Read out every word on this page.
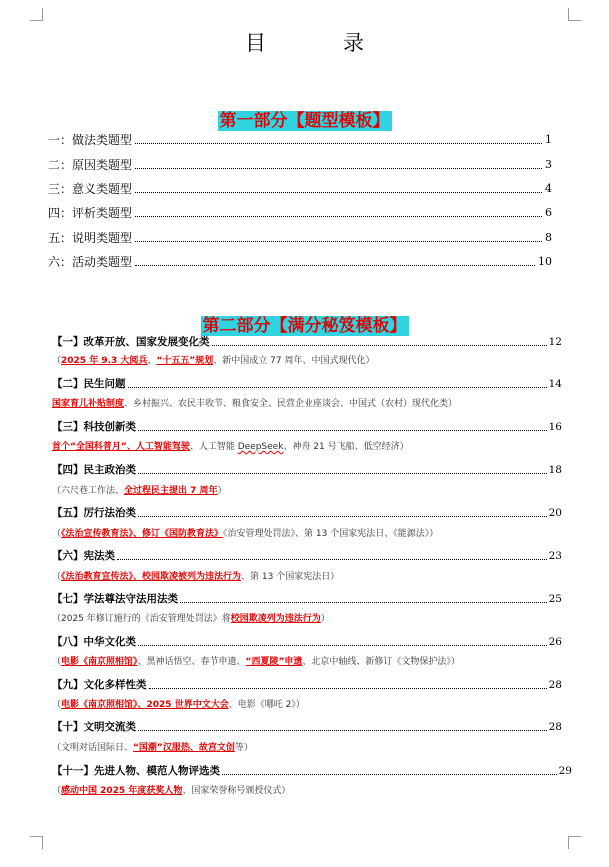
目　录
第一部分【题型模板】
一：做法类题型	1
二：原因类题型	3
三：意义类题型	4
四：评析类题型	6
五：说明类题型	8
六：活动类题型	10
第二部分【满分秘笈模板】
【一】改革开放、国家发展变化类	12
（2025 年 9.3 大阅兵、“十五五”规划、新中国成立 77 周年、中国式现代化）
【二】民生问题	14
国家育儿补贴制度、乡村振兴、农民丰收节、粮食安全、民营企业座谈会、中国式（农村）现代化类）
【三】科技创新类	16
首个“全国科普月”、人工智能驾驶、人工智能 DeepSeek、神舟 21 号飞船、低空经济）
【四】民主政治类	18
（六尺巷工作法、全过程民主提出 7 周年）
【五】厉行法治类	20
（《法治宣传教育法》、修订《国防教育法》《治安管理处罚法》、第 13 个国家宪法日、《能源法》）
【六】宪法类	23
（《法治教育宣传法》、校园欺凌被列为违法行为、第 13 个国家宪法日）
【七】学法尊法守法用法类	25
（2025 年修订施行的《治安管理处罚法》将校园欺凌列为违法行为）
【八】中华文化类	26
（电影《南京照相馆》、黑神话悟空、春节申遗、“西夏陵”申遗、北京中轴线、新修订《文物保护法》）
【九】文化多样性类	28
（电影《南京照相馆》、2025 世界中文大会、电影《哪吒 2》）
【十】文明交流类	28
（文明对话国际日、“国潮”汉服热、故宫文创等）
【十一】先进人物、模范人物评选类	29
（感动中国 2025 年度获奖人物、国家荣誉称号颁授仪式）
